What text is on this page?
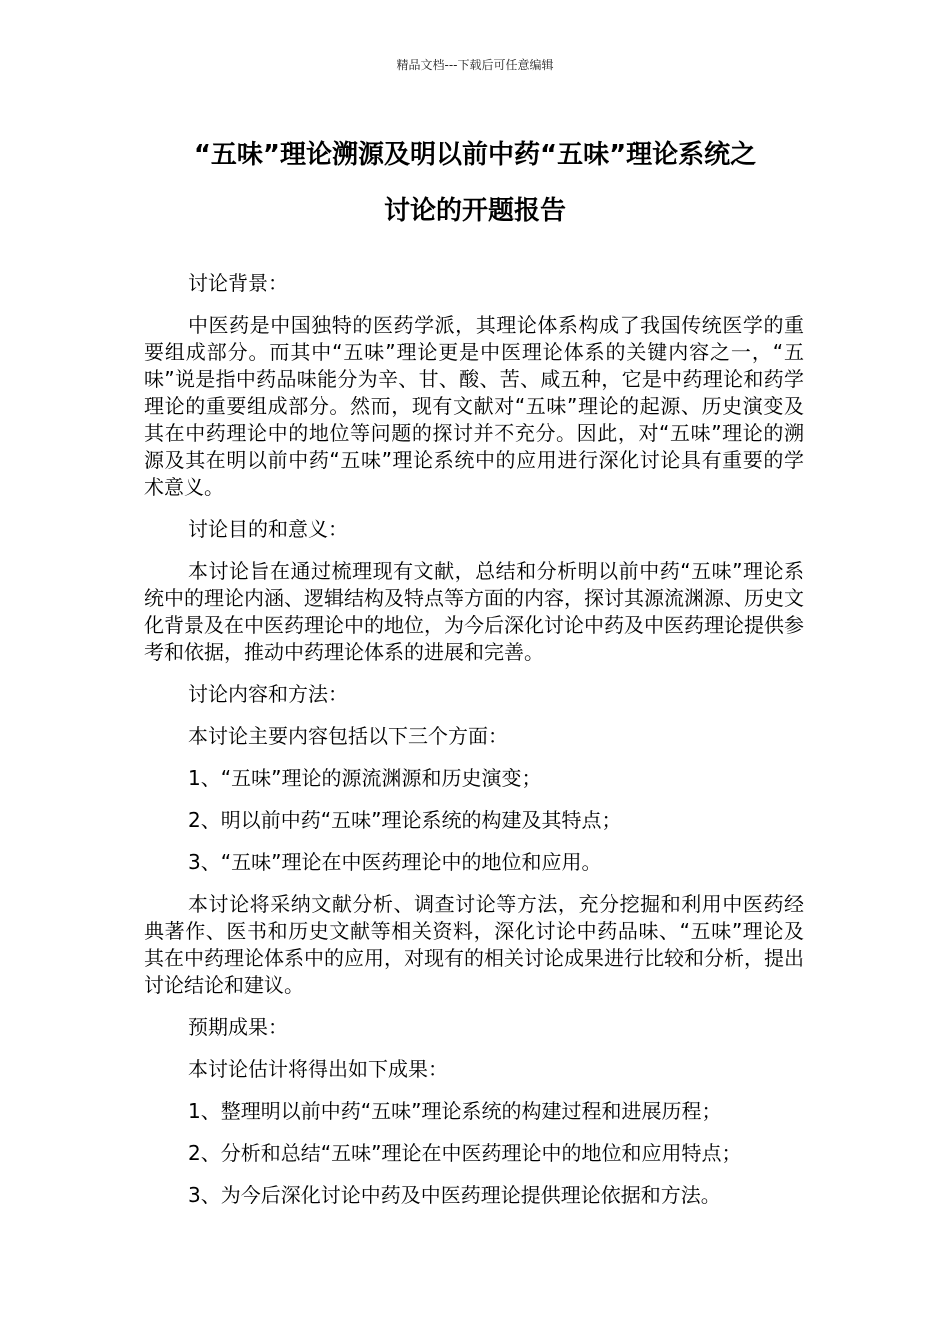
精品文档---下载后可任意编辑
“五味”理论溯源及明以前中药“五味”理论系统之
讨论的开题报告

讨论背景：

中医药是中国独特的医药学派，其理论体系构成了我国传统医学的重要组成部分。而其中“五味”理论更是中医理论体系的关键内容之一，“五味”说是指中药品味能分为辛、甘、酸、苦、咸五种，它是中药理论和药学理论的重要组成部分。然而，现有文献对“五味”理论的起源、历史演变及其在中药理论中的地位等问题的探讨并不充分。因此，对“五味”理论的溯源及其在明以前中药“五味”理论系统中的应用进行深化讨论具有重要的学术意义。

讨论目的和意义：

本讨论旨在通过梳理现有文献，总结和分析明以前中药“五味”理论系统中的理论内涵、逻辑结构及特点等方面的内容，探讨其源流渊源、历史文化背景及在中医药理论中的地位，为今后深化讨论中药及中医药理论提供参考和依据，推动中药理论体系的进展和完善。

讨论内容和方法：

本讨论主要内容包括以下三个方面：

1、“五味”理论的源流渊源和历史演变；

2、明以前中药“五味”理论系统的构建及其特点；

3、“五味”理论在中医药理论中的地位和应用。

本讨论将采纳文献分析、调查讨论等方法，充分挖掘和利用中医药经典著作、医书和历史文献等相关资料，深化讨论中药品味、“五味”理论及其在中药理论体系中的应用，对现有的相关讨论成果进行比较和分析，提出讨论结论和建议。

预期成果：

本讨论估计将得出如下成果：

1、整理明以前中药“五味”理论系统的构建过程和进展历程；

2、分析和总结“五味”理论在中医药理论中的地位和应用特点；

3、为今后深化讨论中药及中医药理论提供理论依据和方法。
